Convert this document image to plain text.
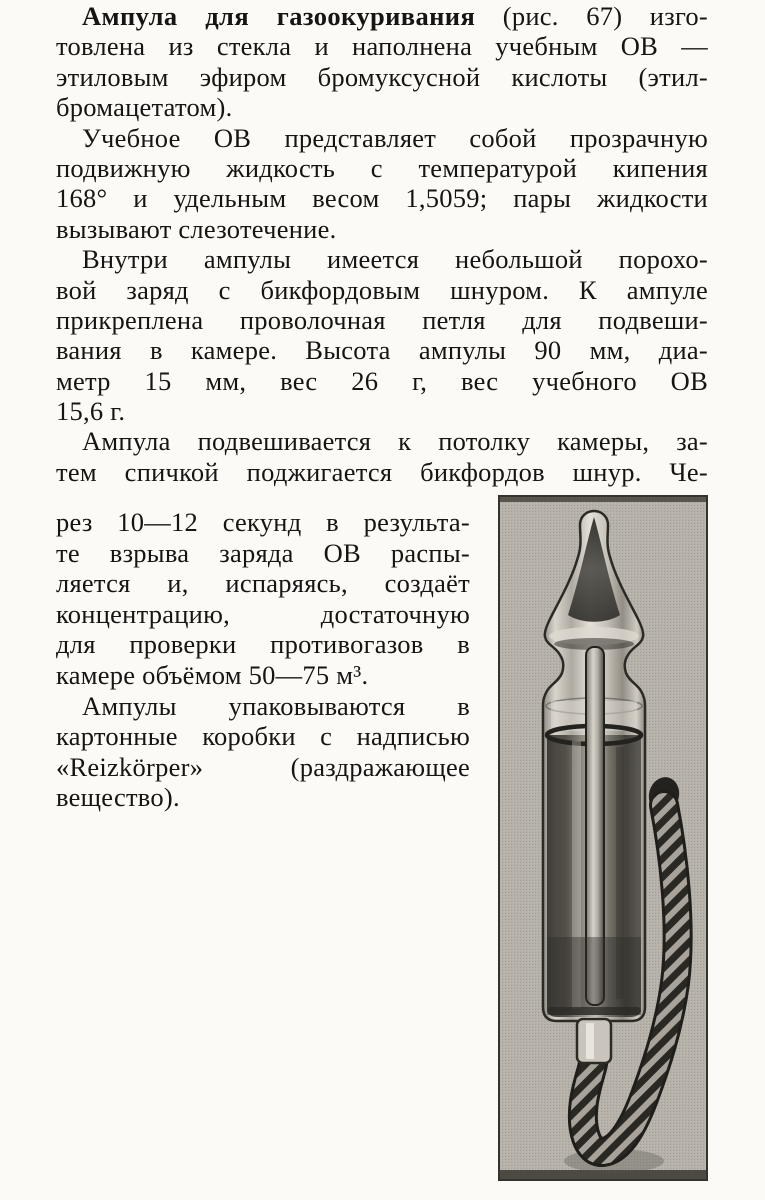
Ампула для газоокуривания (рис. 67) изго-
товлена из стекла и наполнена учебным ОВ —
этиловым эфиром бромуксусной кислоты (этил-
бромацетатом).
Учебное ОВ представляет собой прозрачную
подвижную жидкость с температурой кипения
168° и удельным весом 1,5059; пары жидкости
вызывают слезотечение.
Внутри ампулы имеется небольшой порохо-
вой заряд с бикфордовым шнуром. К ампуле
прикреплена проволочная петля для подвеши-
вания в камере. Высота ампулы 90 мм, диа-
метр 15 мм, вес 26 г, вес учебного ОВ
15,6 г.
Ампула подвешивается к потолку камеры, за-
тем спичкой поджигается бикфордов шнур. Че-
рез 10—12 секунд в результа-
те взрыва заряда ОВ распы-
ляется и, испаряясь, создаёт
концентрацию, достаточную
для проверки противогазов в
камере объёмом 50—75 м³.
Ампулы упаковываются в
картонные коробки с надписью
«Reizkörper» (раздражающее
вещество).
